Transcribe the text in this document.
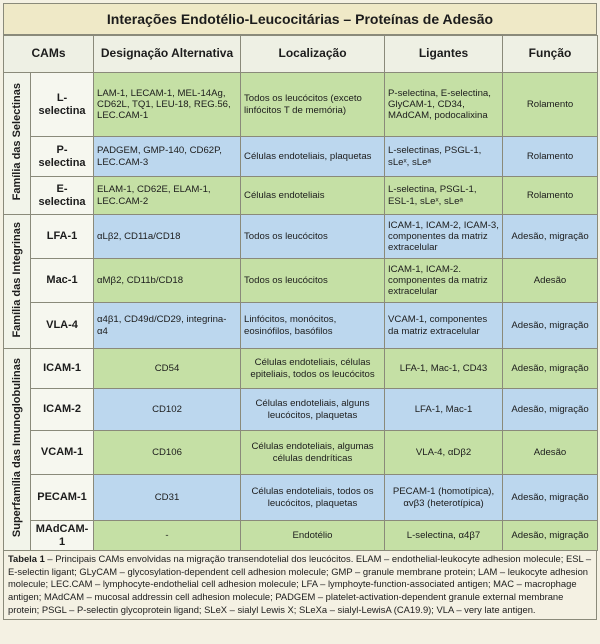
Interações Endotélio-Leucocitárias – Proteínas de Adesão
CAMs		Designação Alternativa	Localização	Ligantes	Função
Família das Selectinas	L- selectina	LAM-1, LECAM-1, MEL-14Ag, CD62L, TQ1, LEU-18, REG.56, LEC.CAM-1	Todos os leucócitos (exceto linfócitos T de memória)	P-selectina, E-selectina, GlyCAM-1, CD34, MAdCAM, podocalixina	Rolamento
	P-selectina	PADGEM, GMP-140, CD62P, LEC.CAM-3	Células endoteliais, plaquetas	L-selectinas, PSGL-1, sLeˣ, sLeᵃ	Rolamento
	E-selectina	ELAM-1, CD62E, ELAM-1, LEC.CAM-2	Células endoteliais	L-selectina, PSGL-1, ESL-1, sLeˣ, sLeᵃ	Rolamento
Família das Integrinas	LFA-1	αLβ2, CD11a/CD18	Todos os leucócitos	ICAM-1, ICAM-2, ICAM-3, componentes da matriz extracelular	Adesão, migração
	Mac-1	αMβ2, CD11b/CD18	Todos os leucócitos	ICAM-1, ICAM-2. componentes da matriz extracelular	Adesão
	VLA-4	α4β1, CD49d/CD29, integrina-α4	Linfócitos, monócitos, eosinófilos, basófilos	VCAM-1, componentes da matriz extracelular	Adesão, migração
Superfamília das Imunoglobulinas	ICAM-1	CD54	Células endoteliais, células epiteliais, todos os leucócitos	LFA-1, Mac-1, CD43	Adesão, migração
	ICAM-2	CD102	Células endoteliais, alguns leucócitos, plaquetas	LFA-1, Mac-1	Adesão, migração
	VCAM-1	CD106	Células endoteliais, algumas células dendríticas	VLA-4, αDβ2	Adesão
	PECAM-1	CD31	Células endoteliais, todos os leucócitos, plaquetas	PECAM-1 (homotípica), αvβ3 (heterotípica)	Adesão, migração
	MAdCAM-1	-	Endotélio	L-selectina, α4β7	Adesão, migração
Tabela 1 – Principais CAMs envolvidas na migração transendotelial dos leucócitos. ELAM – endothelial-leukocyte adhesion molecule; ESL – E-selectin ligant; GLyCAM – glycosylation-dependent cell adhesion molecule; GMP – granule membrane protein; LAM – leukocyte adhesion molecule; LEC.CAM – lymphocyte-endothelial cell adhesion molecule; LFA – lymphoyte-function-associated antigen; MAC – macrophage antigen; MAdCAM – mucosal addressin cell adhesion molecule; PADGEM – platelet-activation-dependent granule external membrane protein; PSGL – P-selectin glycoprotein ligand; SLeX – sialyl Lewis X; SLeXa – sialyl-LewisA (CA19.9); VLA – very late antigen.
